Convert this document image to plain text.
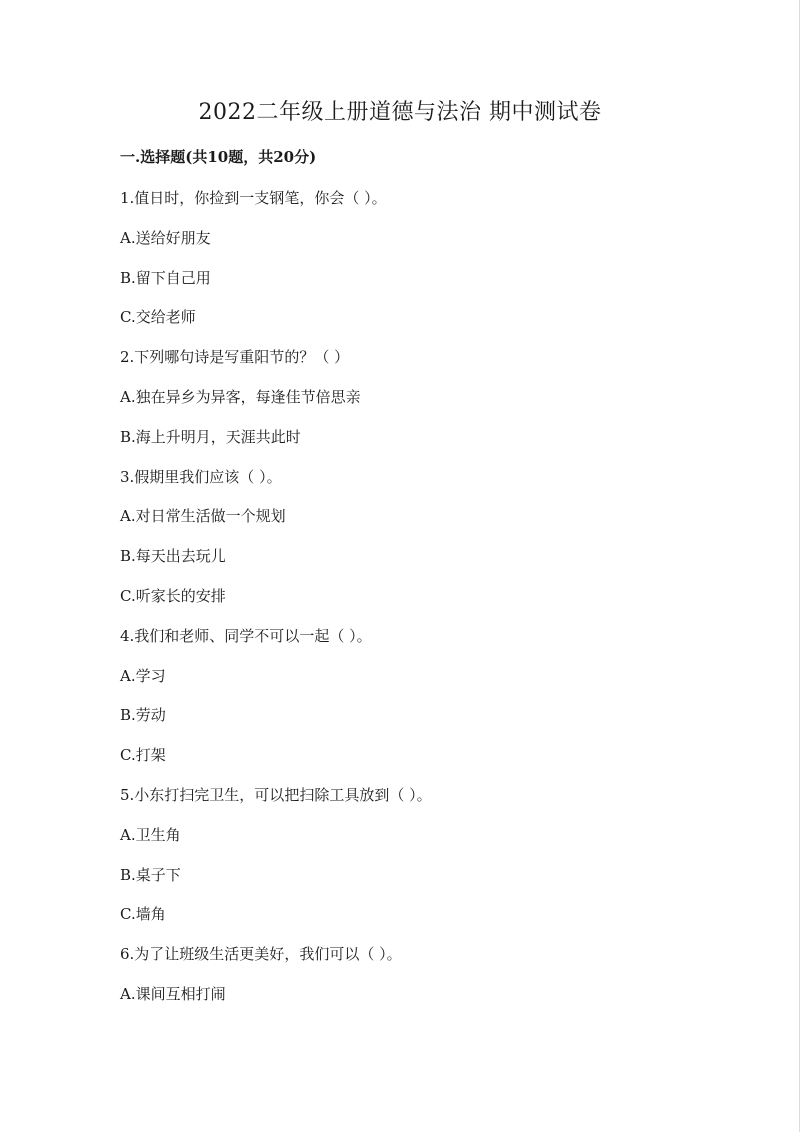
2022二年级上册道德与法治 期中测试卷
一.选择题(共10题，共20分)
1.值日时，你捡到一支钢笔，你会（ ）。
A.送给好朋友
B.留下自己用
C.交给老师
2.下列哪句诗是写重阳节的？（ ）
A.独在异乡为异客，每逢佳节倍思亲
B.海上升明月，天涯共此时
3.假期里我们应该（ ）。
A.对日常生活做一个规划
B.每天出去玩儿
C.听家长的安排
4.我们和老师、同学不可以一起（ ）。
A.学习
B.劳动
C.打架
5.小东打扫完卫生，可以把扫除工具放到（ ）。
A.卫生角
B.桌子下
C.墙角
6.为了让班级生活更美好，我们可以（ ）。
A.课间互相打闹
